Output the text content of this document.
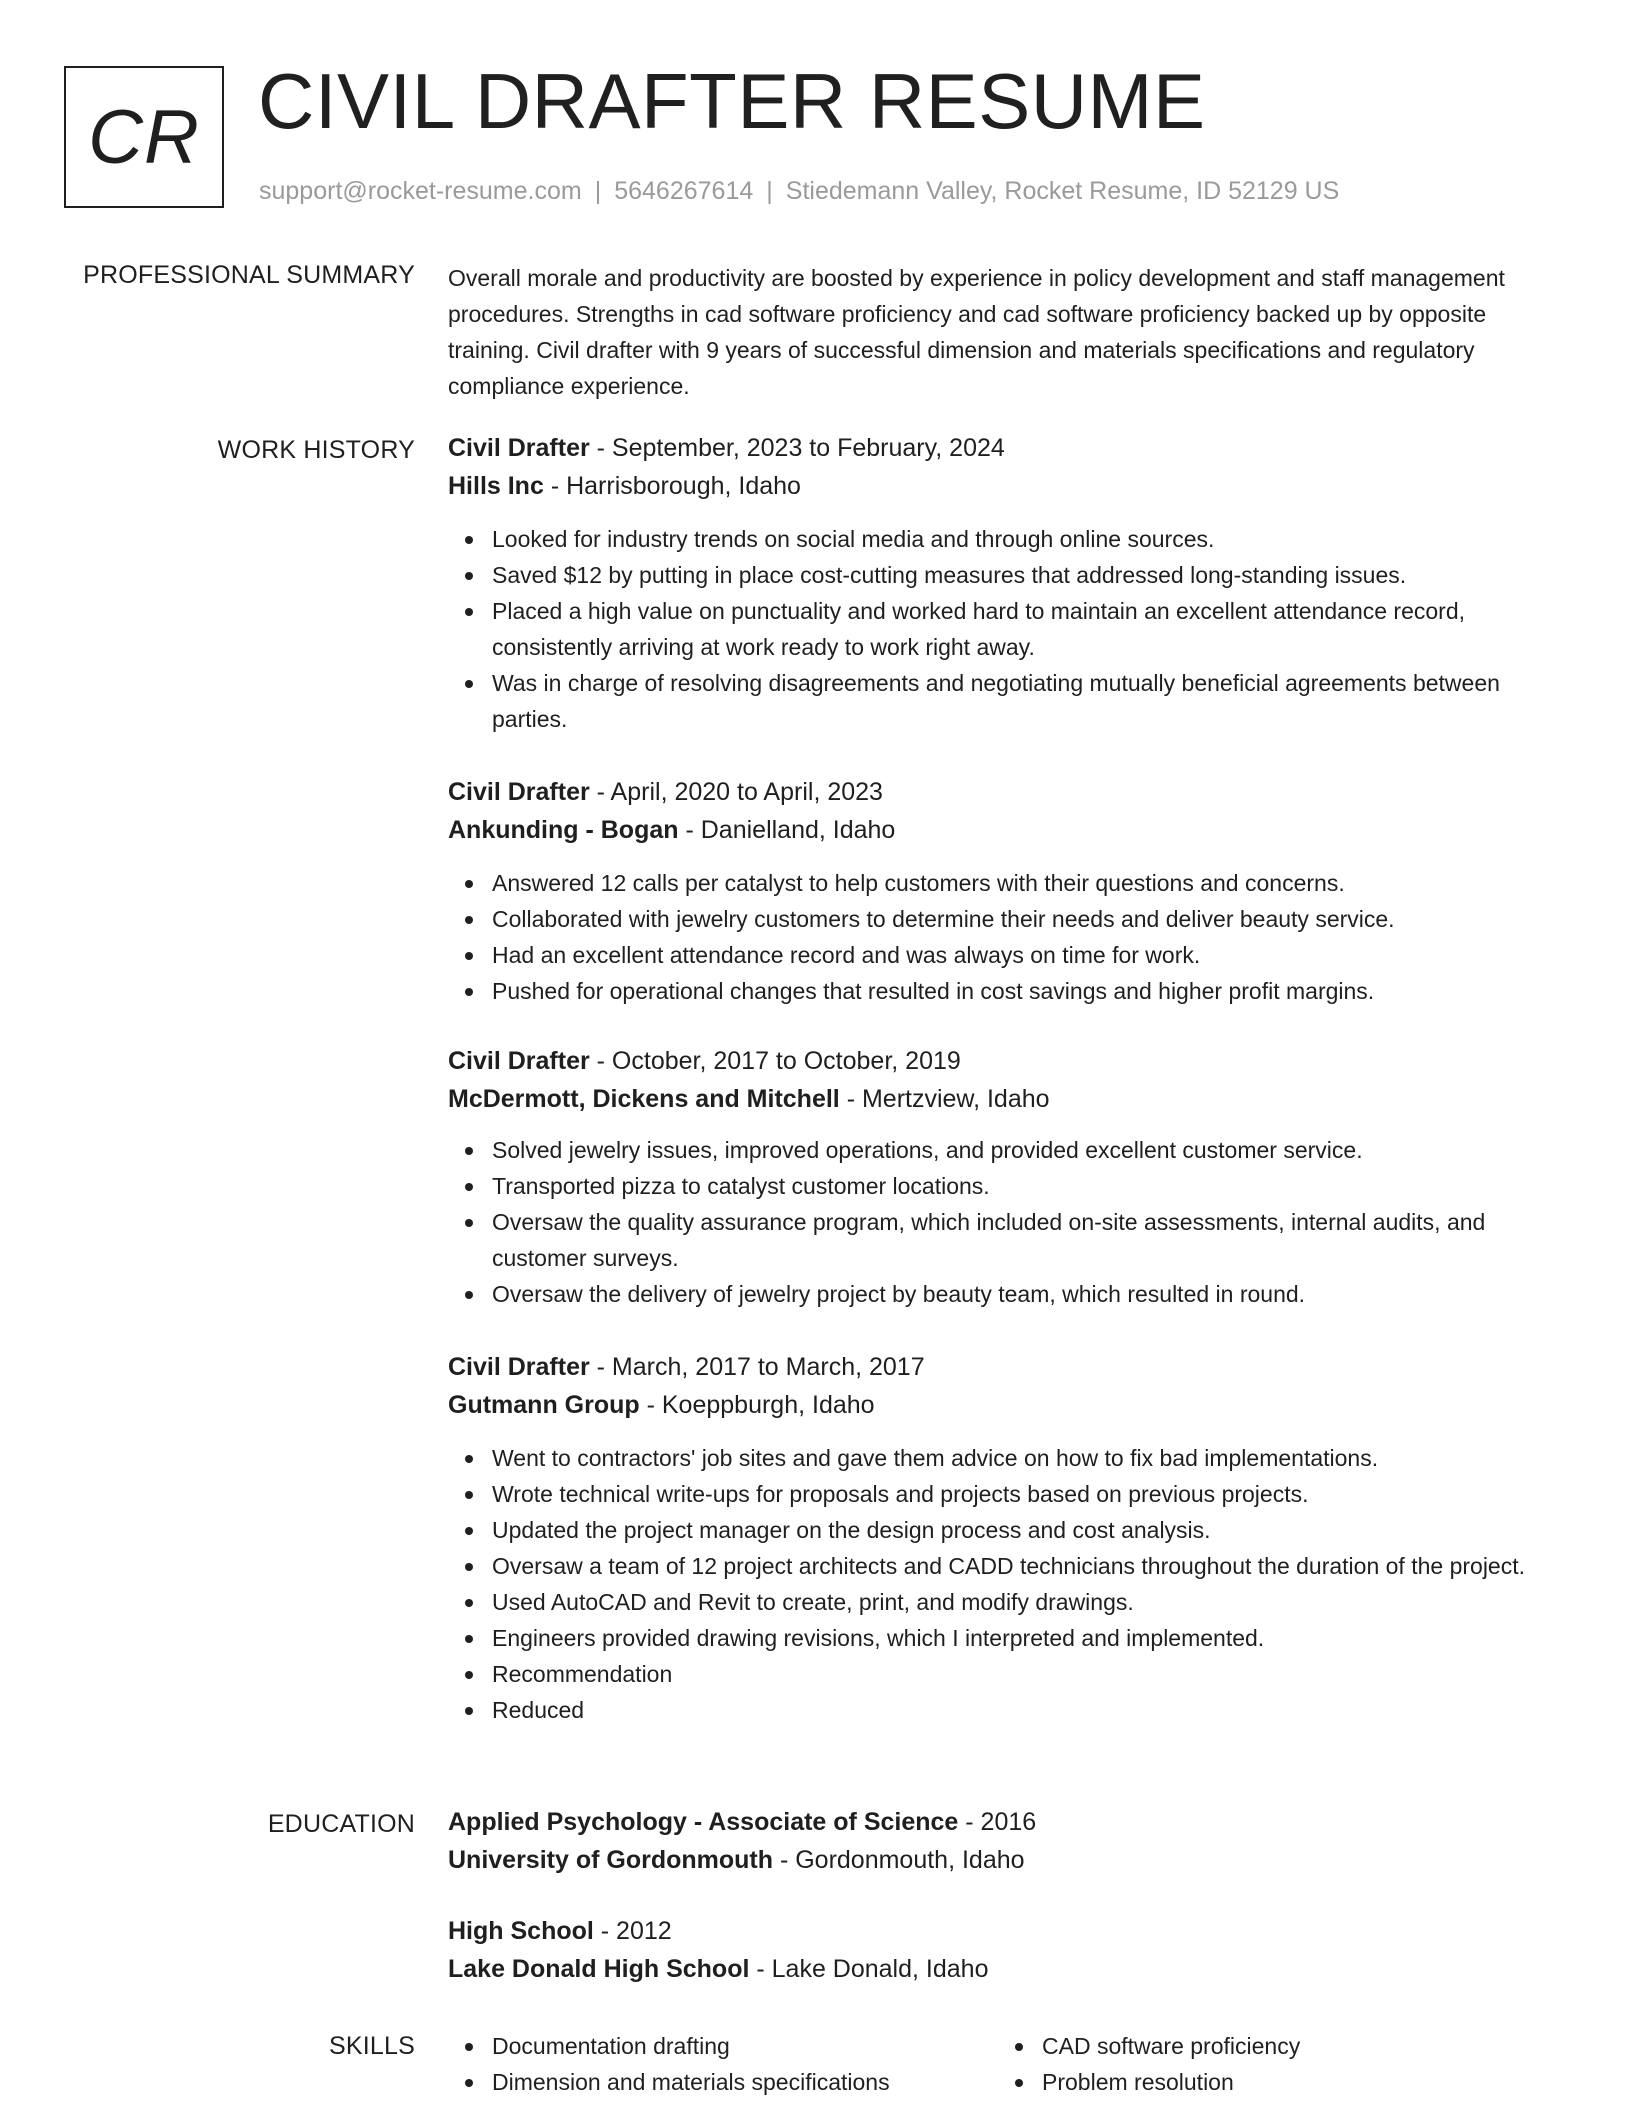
CR CIVIL DRAFTER RESUME
support@rocket-resume.com | 5646267614 | Stiedemann Valley, Rocket Resume, ID 52129 US
PROFESSIONAL SUMMARY Overall morale and productivity are boosted by experience in policy development and staff management procedures. Strengths in cad software proficiency and cad software proficiency backed up by opposite training. Civil drafter with 9 years of successful dimension and materials specifications and regulatory compliance experience.

WORK HISTORY Civil Drafter - September, 2023 to February, 2024
Hills Inc - Harrisborough, Idaho
Looked for industry trends on social media and through online sources.
Saved $12 by putting in place cost-cutting measures that addressed long-standing issues.
Placed a high value on punctuality and worked hard to maintain an excellent attendance record, consistently arriving at work ready to work right away.
Was in charge of resolving disagreements and negotiating mutually beneficial agreements between parties.
Civil Drafter - April, 2020 to April, 2023
Ankunding - Bogan - Danielland, Idaho
Answered 12 calls per catalyst to help customers with their questions and concerns.
Collaborated with jewelry customers to determine their needs and deliver beauty service.
Had an excellent attendance record and was always on time for work.
Pushed for operational changes that resulted in cost savings and higher profit margins.
Civil Drafter - October, 2017 to October, 2019
McDermott, Dickens and Mitchell - Mertzview, Idaho
Solved jewelry issues, improved operations, and provided excellent customer service.
Transported pizza to catalyst customer locations.
Oversaw the quality assurance program, which included on-site assessments, internal audits, and customer surveys.
Oversaw the delivery of jewelry project by beauty team, which resulted in round.
Civil Drafter - March, 2017 to March, 2017
Gutmann Group - Koeppburgh, Idaho
Went to contractors' job sites and gave them advice on how to fix bad implementations.
Wrote technical write-ups for proposals and projects based on previous projects.
Updated the project manager on the design process and cost analysis.
Oversaw a team of 12 project architects and CADD technicians throughout the duration of the project.
Used AutoCAD and Revit to create, print, and modify drawings.
Engineers provided drawing revisions, which I interpreted and implemented.
Recommendation
Reduced
EDUCATION Applied Psychology - Associate of Science - 2016
University of Gordonmouth - Gordonmouth, Idaho
High School - 2012
Lake Donald High School - Lake Donald, Idaho
SKILLS	Documentation drafting
Dimension and materials specifications
CAD software proficiency
Problem resolution
